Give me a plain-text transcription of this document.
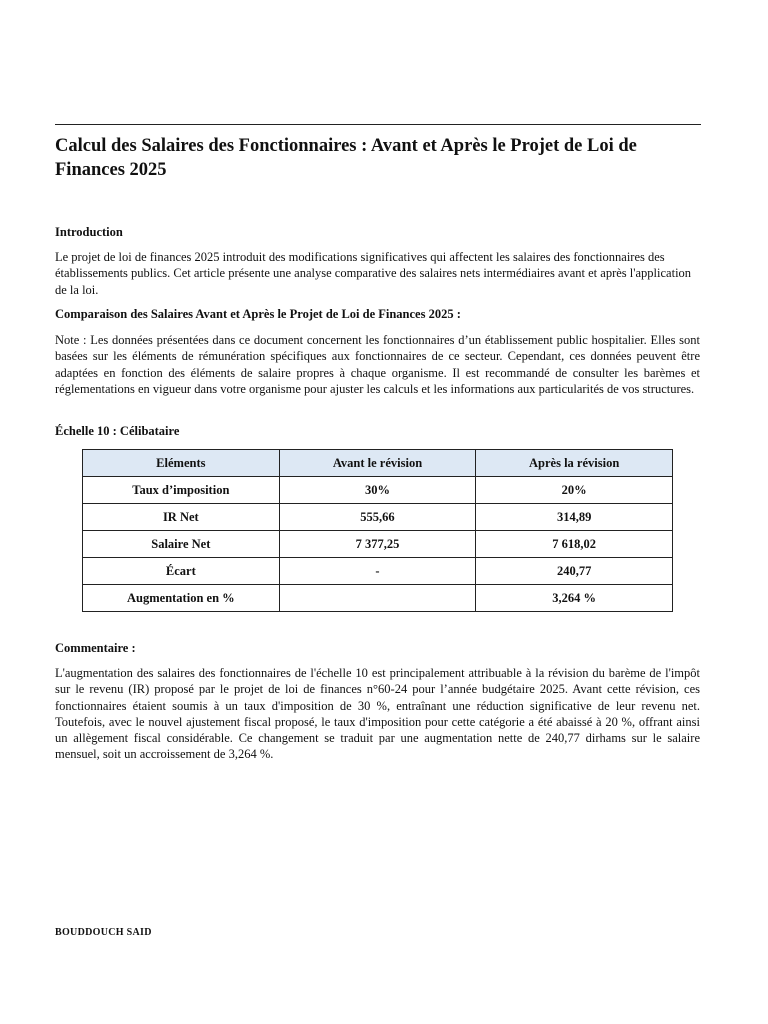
Calcul des Salaires des Fonctionnaires : Avant et Après le Projet de Loi de Finances 2025

Introduction

Le projet de loi de finances 2025 introduit des modifications significatives qui affectent les salaires des fonctionnaires des établissements publics. Cet article présente une analyse comparative des salaires nets intermédiaires avant et après l'application de la loi.

Comparaison des Salaires Avant et Après le Projet de Loi de Finances 2025 :

Note : Les données présentées dans ce document concernent les fonctionnaires d’un établissement public hospitalier. Elles sont basées sur les éléments de rémunération spécifiques aux fonctionnaires de ce secteur. Cependant, ces données peuvent être adaptées en fonction des éléments de salaire propres à chaque organisme. Il est recommandé de consulter les barèmes et réglementations en vigueur dans votre organisme pour ajuster les calculs et les informations aux particularités de vos structures.

Échelle 10 : Célibataire

Eléments	Avant le révision	Après la révision
Taux d’imposition	30%	20%
IR Net	555,66	314,89
Salaire Net	7 377,25	7 618,02
Écart	-	240,77
Augmentation en %		3,264 %

Commentaire :

L'augmentation des salaires des fonctionnaires de l'échelle 10 est principalement attribuable à la révision du barème de l'impôt sur le revenu (IR) proposé par le projet de loi de finances n°60-24 pour l’année budgétaire 2025. Avant cette révision, ces fonctionnaires étaient soumis à un taux d'imposition de 30 %, entraînant une réduction significative de leur revenu net. Toutefois, avec le nouvel ajustement fiscal proposé, le taux d'imposition pour cette catégorie a été abaissé à 20 %, offrant ainsi un allègement fiscal considérable. Ce changement se traduit par une augmentation nette de 240,77 dirhams sur le salaire mensuel, soit un accroissement de 3,264 %.

BOUDDOUCH SAID
